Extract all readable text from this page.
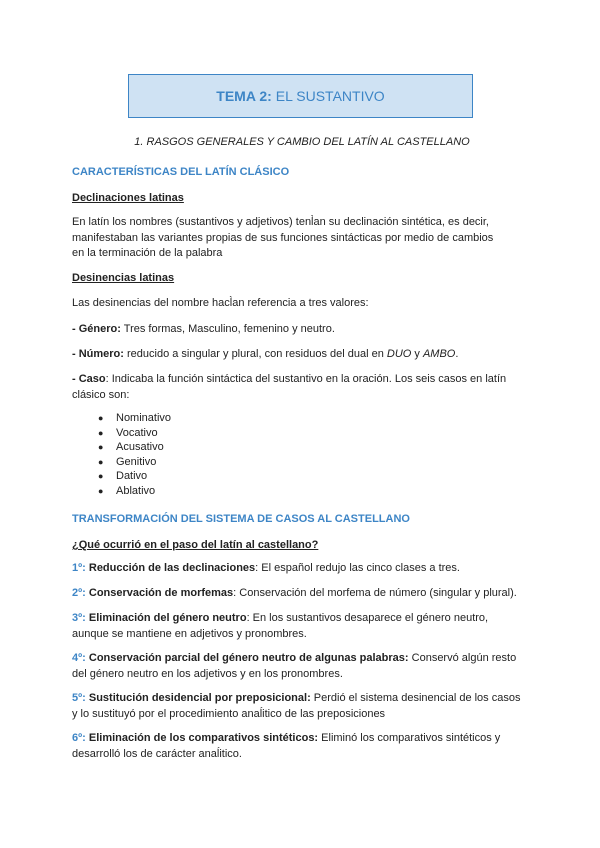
TEMA 2: EL SUSTANTIVO
1. RASGOS GENERALES Y CAMBIO DEL LATÍN AL CASTELLANO
CARACTERÍSTICAS DEL LATÍN CLÁSICO
Declinaciones latinas
En latín los nombres (sustantivos y adjetivos) tenl̀an su declinación sintética, es decir,
manifestaban las variantes propias de sus funciones sintácticas por medio de cambios
en la terminación de la palabra
Desinencias latinas
Las desinencias del nombre hacl̀an referencia a tres valores:
- Género: Tres formas, Masculino, femenino y neutro.
- Número: reducido a singular y plural, con residuos del dual en DUO y AMBO.
- Caso: Indicaba la función sintáctica del sustantivo en la oración. Los seis casos en latín
clásico son:
● Nominativo
● Vocativo
● Acusativo
● Genitivo
● Dativo
● Ablativo
TRANSFORMACIÓN DEL SISTEMA DE CASOS AL CASTELLANO
¿Qué ocurrió en el paso del latín al castellano?
1º: Reducción de las declinaciones: El español redujo las cinco clases a tres.
2º: Conservación de morfemas: Conservación del morfema de número (singular y plural).
3º: Eliminación del género neutro: En los sustantivos desaparece el género neutro,
aunque se mantiene en adjetivos y pronombres.
4º: Conservación parcial del género neutro de algunas palabras: Conservó algún resto
del género neutro en los adjetivos y en los pronombres.
5º: Sustitución desidencial por preposicional: Perdió el sistema desinencial de los casos
y lo sustituyó por el procedimiento anaĺitico de las preposiciones
6º: Eliminación de los comparativos sintéticos: Eliminó los comparativos sintéticos y
desarrolló los de carácter anaĺitico.
